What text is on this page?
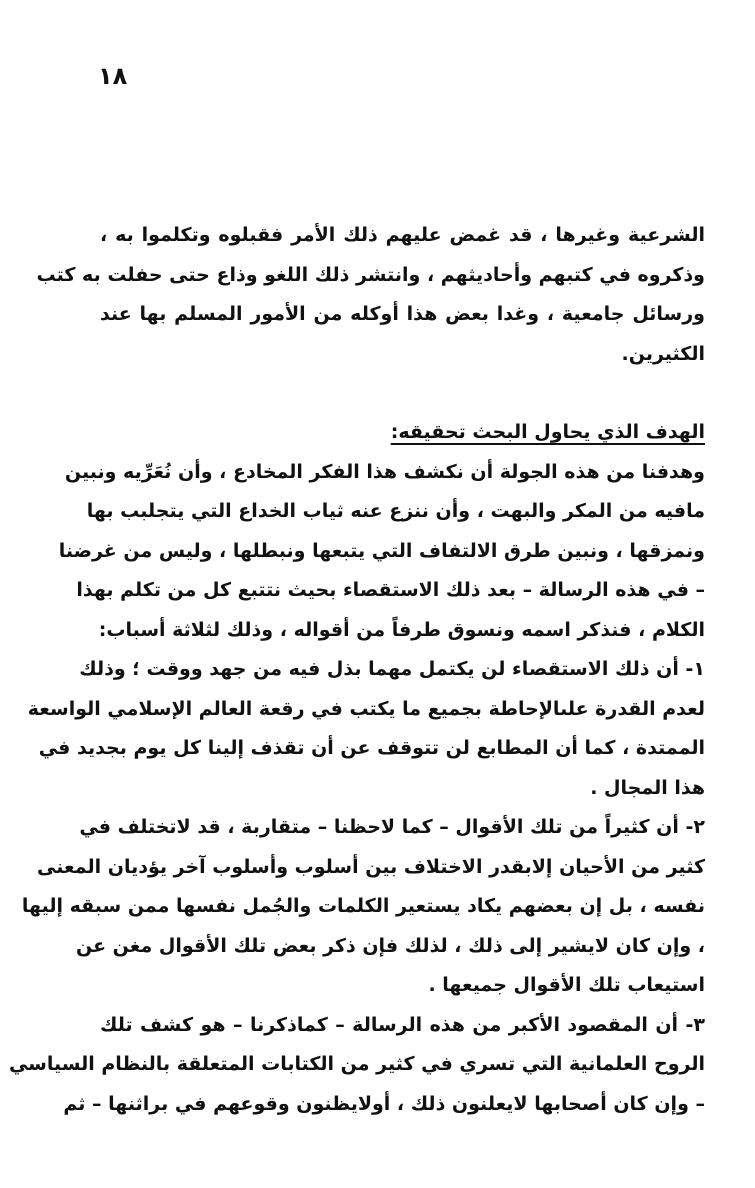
١٨
الشرعية وغيرها ، قد غمض عليهم ذلك الأمر فقبلوه وتكلموا به ،
وذكروه في كتبهم وأحاديثهم ، وانتشر ذلك اللغو وذاع حتى حفلت به كتب
ورسائل جامعية ، وغدا بعض هذا أوكله من الأمور المسلم بها عند
الكثيرين.
الهدف الذي يحاول البحث تحقيقه:
وهدفنا من هذه الجولة أن نكشف هذا الفكر المخادع ، وأن نُعَرِّيه ونبين
مافيه من المكر والبهت ، وأن ننزع عنه ثياب الخداع التي يتجلبب بها
ونمزقها ، ونبين طرق الالتفاف التي يتبعها ونبطلها ، وليس من غرضنا
– في هذه الرسالة – بعد ذلك الاستقصاء بحيث نتتبع كل من تكلم بهذا
الكلام ، فنذكر اسمه ونسوق طرفاً من أقواله ، وذلك لثلاثة أسباب:
١- أن ذلك الاستقصاء لن يكتمل مهما بذل فيه من جهد ووقت ؛ وذلك
لعدم القدرة علىالإحاطة بجميع ما يكتب في رقعة العالم الإسلامي الواسعة
الممتدة ، كما أن المطابع لن تتوقف عن أن تقذف إلينا كل يوم بجديد في
هذا المجال .
٢- أن كثيراً من تلك الأقوال – كما لاحظنا – متقاربة ، قد لاتختلف في
كثير من الأحيان إلابقدر الاختلاف بين أسلوب وأسلوب آخر يؤديان المعنى
نفسه ، بل إن بعضهم يكاد يستعير الكلمات والجُمل نفسها ممن سبقه إليها
، وإن كان لايشير إلى ذلك ، لذلك فإن ذكر بعض تلك الأقوال مغن عن
استيعاب تلك الأقوال جميعها .
٣- أن المقصود الأكبر من هذه الرسالة – كماذكرنا – هو كشف تلك
الروح العلمانية التي تسري في كثير من الكتابات المتعلقة بالنظام السياسي
– وإن كان أصحابها لايعلنون ذلك ، أولايظنون وقوعهم في براثنها – ثم
